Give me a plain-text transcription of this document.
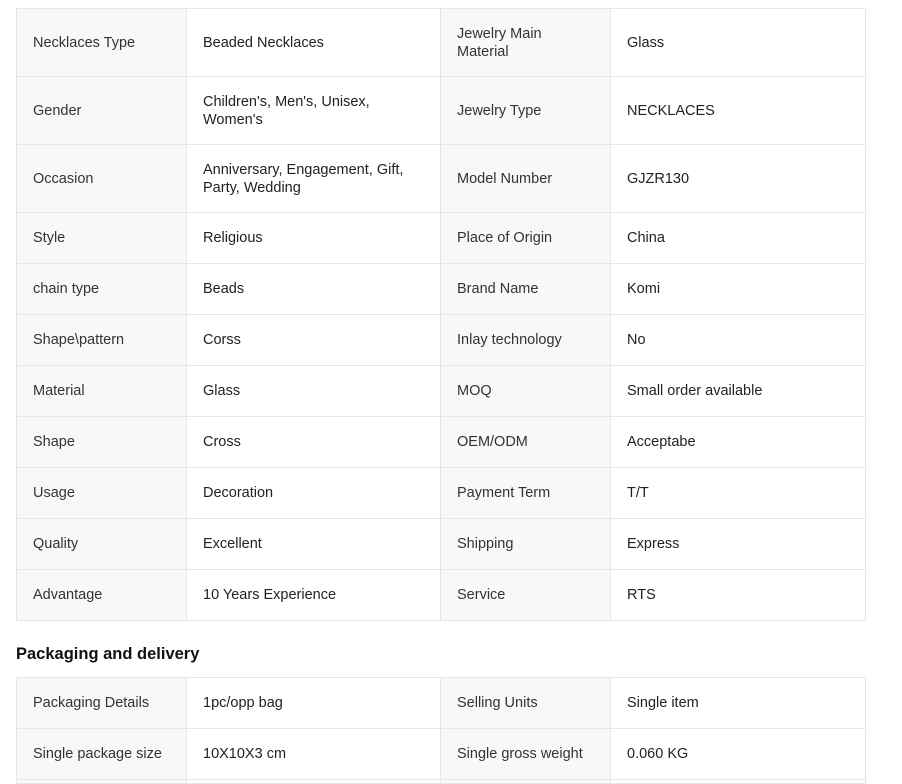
Necklaces Type	Beaded Necklaces	Jewelry Main Material	Glass
Gender	Children's, Men's, Unisex, Women's	Jewelry Type	NECKLACES
Occasion	Anniversary, Engagement, Gift, Party, Wedding	Model Number	GJZR130
Style	Religious	Place of Origin	China
chain type	Beads	Brand Name	Komi
Shape\pattern	Corss	Inlay technology	No
Material	Glass	MOQ	Small order available
Shape	Cross	OEM/ODM	Acceptabe
Usage	Decoration	Payment Term	T/T
Quality	Excellent	Shipping	Express
Advantage	10 Years Experience	Service	RTS
Packaging and delivery
Packaging Details	1pc/opp bag	Selling Units	Single item
Single package size	10X10X3 cm	Single gross weight	0.060 KG
